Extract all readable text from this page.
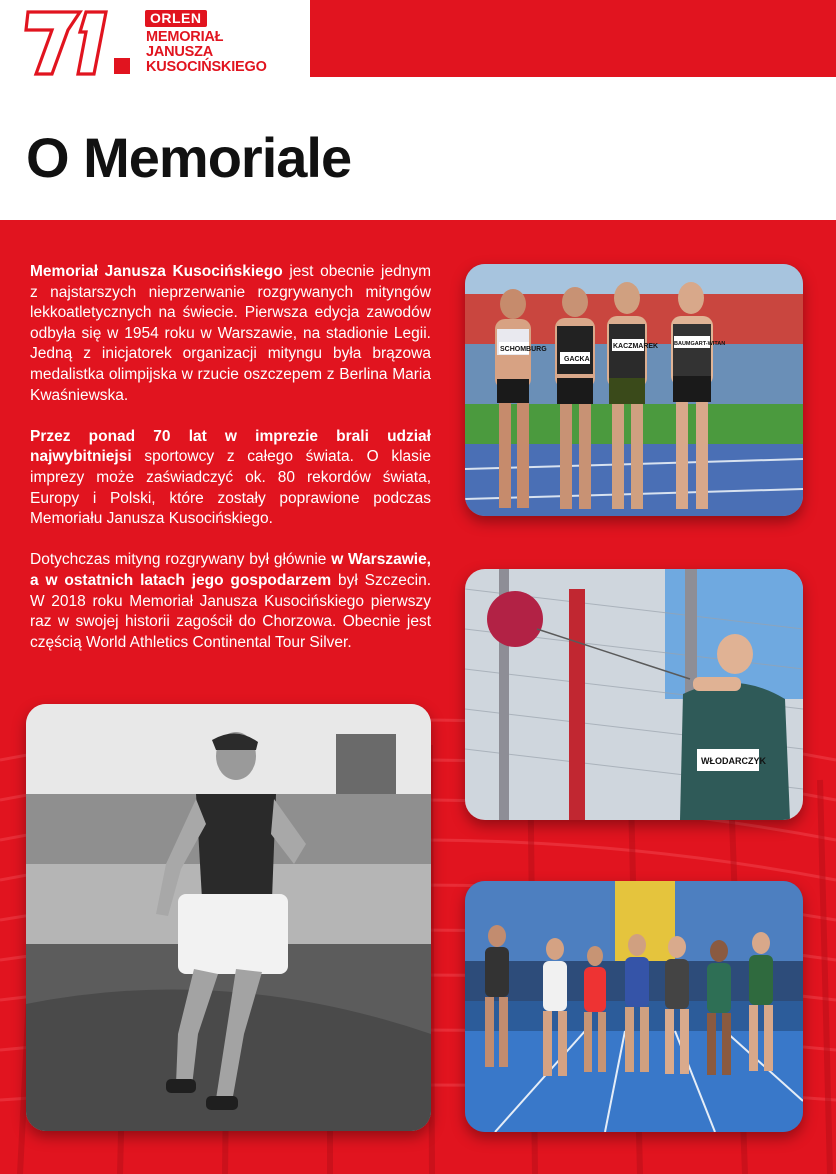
ORLEN
MEMORIAŁ
JANUSZA
KUSOCIŃSKIEGO
O Memoriale

Memoriał Janusza Kusocińskiego jest obecnie jednym z najstarszych nieprzerwanie rozgrywanych mityngów lekkoatletycznych na świecie. Pierwsza edycja zawodów odbyła się w 1954 roku w Warszawie, na stadionie Legii. Jedną z inicjatorek organizacji mityngu była brązowa medalistka olimpijska w rzucie oszczepem z Berlina Maria Kwaśniewska.

Przez ponad 70 lat w imprezie brali udział najwybitniejsi sportowcy z całego świata. O klasie imprezy może zaświadczyć ok. 80 rekordów świata, Europy i Polski, które zostały poprawione podczas Memoriału Janusza Kusocińskiego.

Dotychczas mityng rozgrywany był głównie w Warszawie, a w ostatnich latach jego gospodarzem był Szczecin. W 2018 roku Memoriał Janusza Kusocińskiego pierwszy raz w swojej historii zagościł do Chorzowa. Obecnie jest częścią World Athletics Continental Tour Silver.

SCHOMBURG
GACKA
KACZMAREK	BAUMGART-WITAN
WŁODARCZYK
